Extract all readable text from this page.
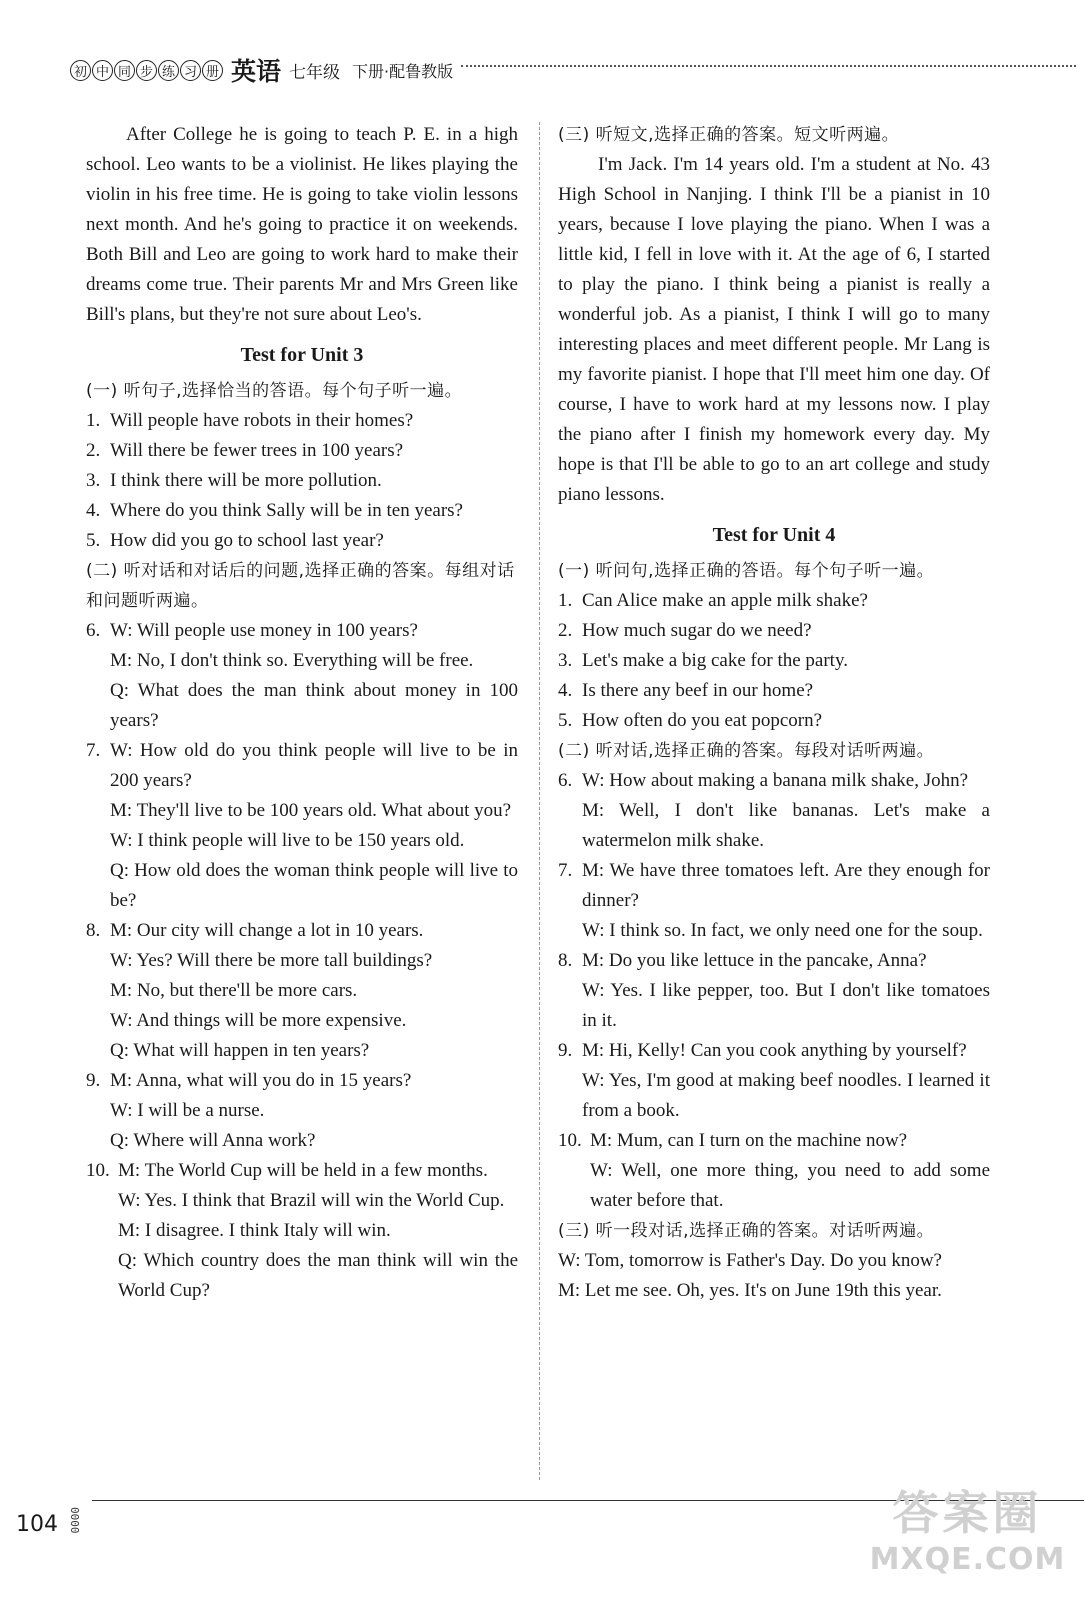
初 中 同 步 练 习 册 英语 七年级 下册·配鲁教版

After College he is going to teach P. E. in a high school. Leo wants to be a violinist. He likes playing the violin in his free time. He is going to take violin lessons next month. And he's going to practice it on weekends. Both Bill and Leo are going to work hard to make their dreams come true. Their parents Mr and Mrs Green like Bill's plans, but they're not sure about Leo's.

Test for Unit 3

(一) 听句子,选择恰当的答语。每个句子听一遍。

1. Will people have robots in their homes?
2. Will there be fewer trees in 100 years?
3. I think there will be more pollution.
4. Where do you think Sally will be in ten years?
5. How did you go to school last year?

(二) 听对话和对话后的问题,选择正确的答案。每组对话和问题听两遍。

6. W: Will people use money in 100 years?

M: No, I don't think so. Everything will be free.

Q: What does the man think about money in 100 years?

7. W: How old do you think people will live to be in 200 years?

M: They'll live to be 100 years old. What about you?

W: I think people will live to be 150 years old.

Q: How old does the woman think people will live to be?

8. M: Our city will change a lot in 10 years.

W: Yes? Will there be more tall buildings?

M: No, but there'll be more cars.

W: And things will be more expensive.

Q: What will happen in ten years?

9. M: Anna, what will you do in 15 years?

W: I will be a nurse.

Q: Where will Anna work?

10. M: The World Cup will be held in a few months.

W: Yes. I think that Brazil will win the World Cup.

M: I disagree. I think Italy will win.

Q: Which country does the man think will win the World Cup?

(三) 听短文,选择正确的答案。短文听两遍。

I'm Jack. I'm 14 years old. I'm a student at No. 43 High School in Nanjing. I think I'll be a pianist in 10 years, because I love playing the piano. When I was a little kid, I fell in love with it. At the age of 6, I started to play the piano. I think being a pianist is really a wonderful job. As a pianist, I think I will go to many interesting places and meet different people. Mr Lang is my favorite pianist. I hope that I'll meet him one day. Of course, I have to work hard at my lessons now. I play the piano after I finish my homework every day. My hope is that I'll be able to go to an art college and study piano lessons.

Test for Unit 4

(一) 听问句,选择正确的答语。每个句子听一遍。

1. Can Alice make an apple milk shake?
2. How much sugar do we need?
3. Let's make a big cake for the party.
4. Is there any beef in our home?
5. How often do you eat popcorn?

(二) 听对话,选择正确的答案。每段对话听两遍。

6. W: How about making a banana milk shake, John?

M: Well, I don't like bananas. Let's make a watermelon milk shake.

7. M: We have three tomatoes left. Are they enough for dinner?

W: I think so. In fact, we only need one for the soup.

8. M: Do you like lettuce in the pancake, Anna?

W: Yes. I like pepper, too. But I don't like tomatoes in it.

9. M: Hi, Kelly! Can you cook anything by yourself?

W: Yes, I'm good at making beef noodles. I learned it from a book.

10. M: Mum, can I turn on the machine now?

W: Well, one more thing, you need to add some water before that.

(三) 听一段对话,选择正确的答案。对话听两遍。

W: Tom, tomorrow is Father's Day. Do you know?

M: Let me see. Oh, yes. It's on June 19th this year.

104 0000	答案圈
MXQE.COM
